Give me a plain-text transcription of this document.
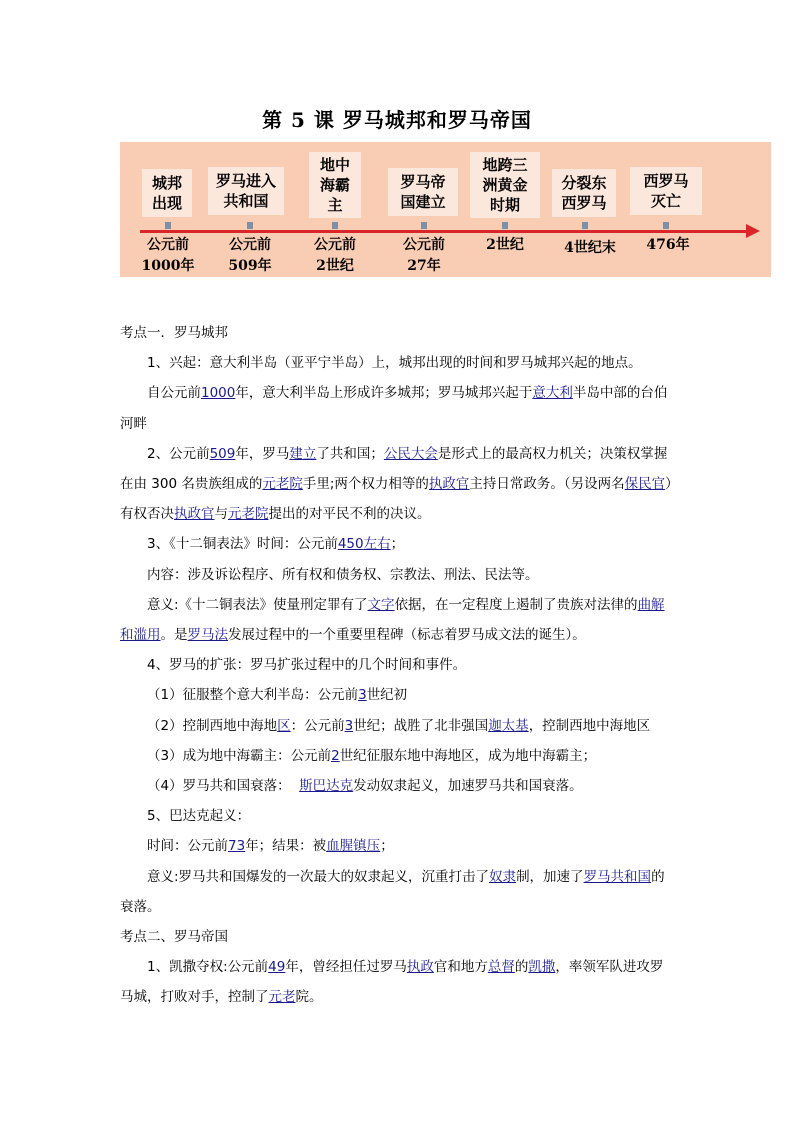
第 5 课 罗马城邦和罗马帝国
城邦
出现
罗马进入
共和国
地中
海霸
主
罗马帝
国建立
地跨三
洲黄金
时期
分裂东
西罗马
西罗马
灭亡
公元前
1000年
公元前
509年
公元前
2世纪
公元前
27年
2世纪	4世纪末	476年

考点一．罗马城邦

1、兴起：意大利半岛（亚平宁半岛）上，城邦出现的时间和罗马城邦兴起的地点。

自公元前1000年，意大利半岛上形成许多城邦；罗马城邦兴起于意大利半岛中部的台伯河畔

2、公元前509年，罗马建立了共和国；公民大会是形式上的最高权力机关；决策权掌握在由 300 名贵族组成的元老院手里;两个权力相等的执政官主持日常政务。（另设两名保民官）有权否决执政官与元老院提出的对平民不利的决议。

3、《十二铜表法》时间：公元前450左右；

内容：涉及诉讼程序、所有权和债务权、宗教法、刑法、民法等。

意义:《十二铜表法》使量刑定罪有了文字依据，在一定程度上遏制了贵族对法律的曲解和滥用。是罗马法发展过程中的一个重要里程碑（标志着罗马成文法的诞生）。

4、罗马的扩张：罗马扩张过程中的几个时间和事件。

（1）征服整个意大利半岛：公元前3世纪初

（2）控制西地中海地区：公元前3世纪；战胜了北非强国迦太基，控制西地中海地区

（3）成为地中海霸主：公元前2世纪征服东地中海地区，成为地中海霸主；

（4）罗马共和国衰落：  斯巴达克发动奴隶起义，加速罗马共和国衰落。

5、巴达克起义：

时间：公元前73年；结果：被血腥镇压；

意义:罗马共和国爆发的一次最大的奴隶起义，沉重打击了奴隶制，加速了罗马共和国的衰落。

考点二、罗马帝国

1、凯撒夺权:公元前49年，曾经担任过罗马执政官和地方总督的凯撒，率领军队进攻罗马城，打败对手，控制了元老院。
